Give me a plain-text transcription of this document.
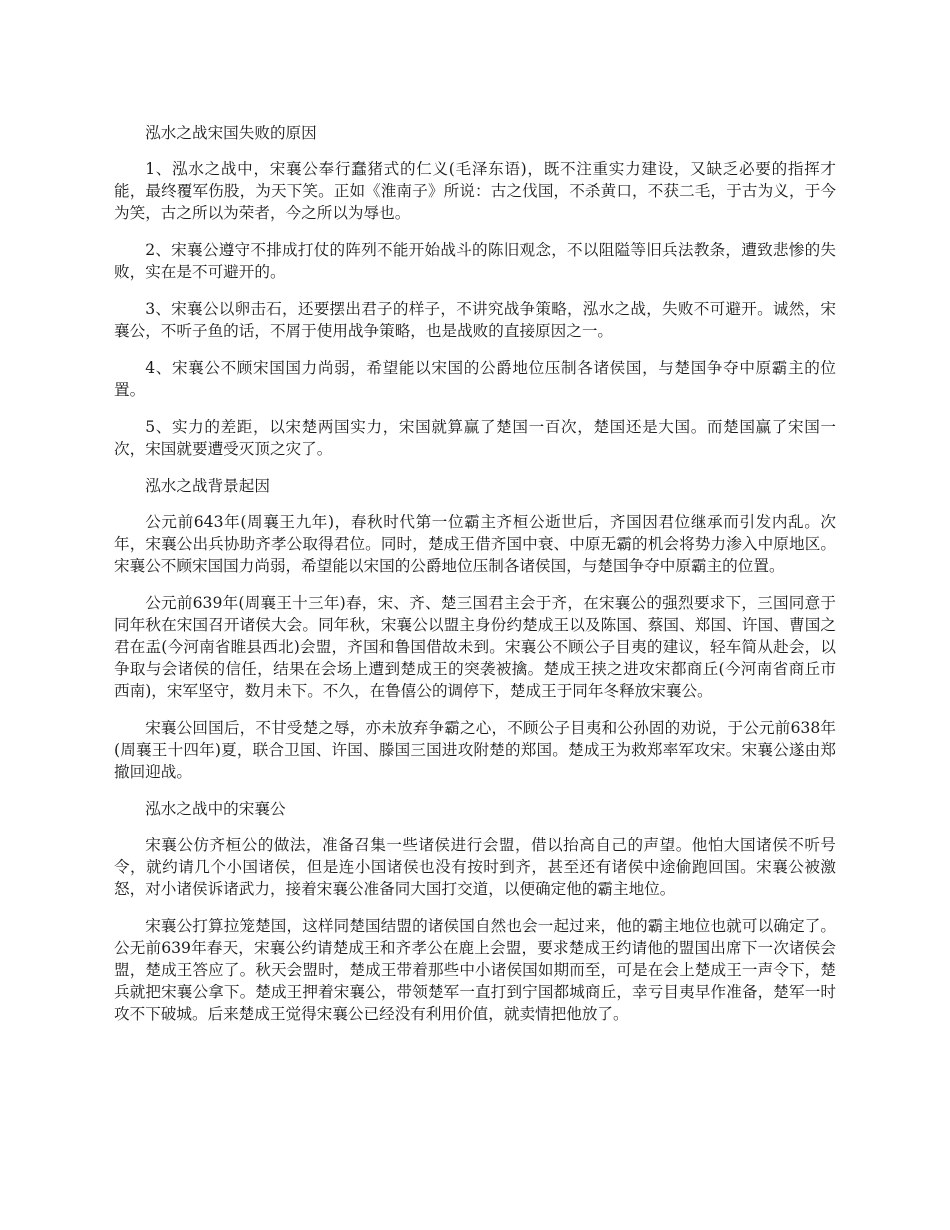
泓水之战宋国失败的原因

1、泓水之战中，宋襄公奉行蠢猪式的仁义(毛泽东语)，既不注重实力建设，又缺乏必要的指挥才能，最终覆军伤股，为天下笑。正如《淮南子》所说：古之伐国，不杀黄口，不获二毛，于古为义，于今为笑，古之所以为荣者，今之所以为辱也。

2、宋襄公遵守不排成打仗的阵列不能开始战斗的陈旧观念，不以阻隘等旧兵法教条，遭致悲惨的失败，实在是不可避开的。

3、宋襄公以卵击石，还要摆出君子的样子，不讲究战争策略，泓水之战，失败不可避开。诚然，宋襄公，不听子鱼的话，不屑于使用战争策略，也是战败的直接原因之一。

4、宋襄公不顾宋国国力尚弱，希望能以宋国的公爵地位压制各诸侯国，与楚国争夺中原霸主的位置。

5、实力的差距，以宋楚两国实力，宋国就算赢了楚国一百次，楚国还是大国。而楚国赢了宋国一次，宋国就要遭受灭顶之灾了。

泓水之战背景起因

公元前643年(周襄王九年)，春秋时代第一位霸主齐桓公逝世后，齐国因君位继承而引发内乱。次年，宋襄公出兵协助齐孝公取得君位。同时，楚成王借齐国中衰、中原无霸的机会将势力渗入中原地区。宋襄公不顾宋国国力尚弱，希望能以宋国的公爵地位压制各诸侯国，与楚国争夺中原霸主的位置。

公元前639年(周襄王十三年)春，宋、齐、楚三国君主会于齐，在宋襄公的强烈要求下，三国同意于同年秋在宋国召开诸侯大会。同年秋，宋襄公以盟主身份约楚成王以及陈国、蔡国、郑国、许国、曹国之君在盂(今河南省睢县西北)会盟，齐国和鲁国借故未到。宋襄公不顾公子目夷的建议，轻车简从赴会，以争取与会诸侯的信任，结果在会场上遭到楚成王的突袭被擒。楚成王挟之进攻宋都商丘(今河南省商丘市西南)，宋军坚守，数月未下。不久，在鲁僖公的调停下，楚成王于同年冬释放宋襄公。

宋襄公回国后，不甘受楚之辱，亦未放弃争霸之心，不顾公子目夷和公孙固的劝说，于公元前638年(周襄王十四年)夏，联合卫国、许国、滕国三国进攻附楚的郑国。楚成王为救郑率军攻宋。宋襄公遂由郑撤回迎战。

泓水之战中的宋襄公

宋襄公仿齐桓公的做法，准备召集一些诸侯进行会盟，借以抬高自己的声望。他怕大国诸侯不听号令，就约请几个小国诸侯，但是连小国诸侯也没有按时到齐，甚至还有诸侯中途偷跑回国。宋襄公被激怒，对小诸侯诉诸武力，接着宋襄公准备同大国打交道，以便确定他的霸主地位。

宋襄公打算拉笼楚国，这样同楚国结盟的诸侯国自然也会一起过来，他的霸主地位也就可以确定了。公无前639年春天，宋襄公约请楚成王和齐孝公在鹿上会盟，要求楚成王约请他的盟国出席下一次诸侯会盟，楚成王答应了。秋天会盟时，楚成王带着那些中小诸侯国如期而至，可是在会上楚成王一声令下，楚兵就把宋襄公拿下。楚成王押着宋襄公，带领楚军一直打到宁国都城商丘，幸亏目夷早作准备，楚军一时攻不下破城。后来楚成王觉得宋襄公已经没有利用价值，就卖情把他放了。
